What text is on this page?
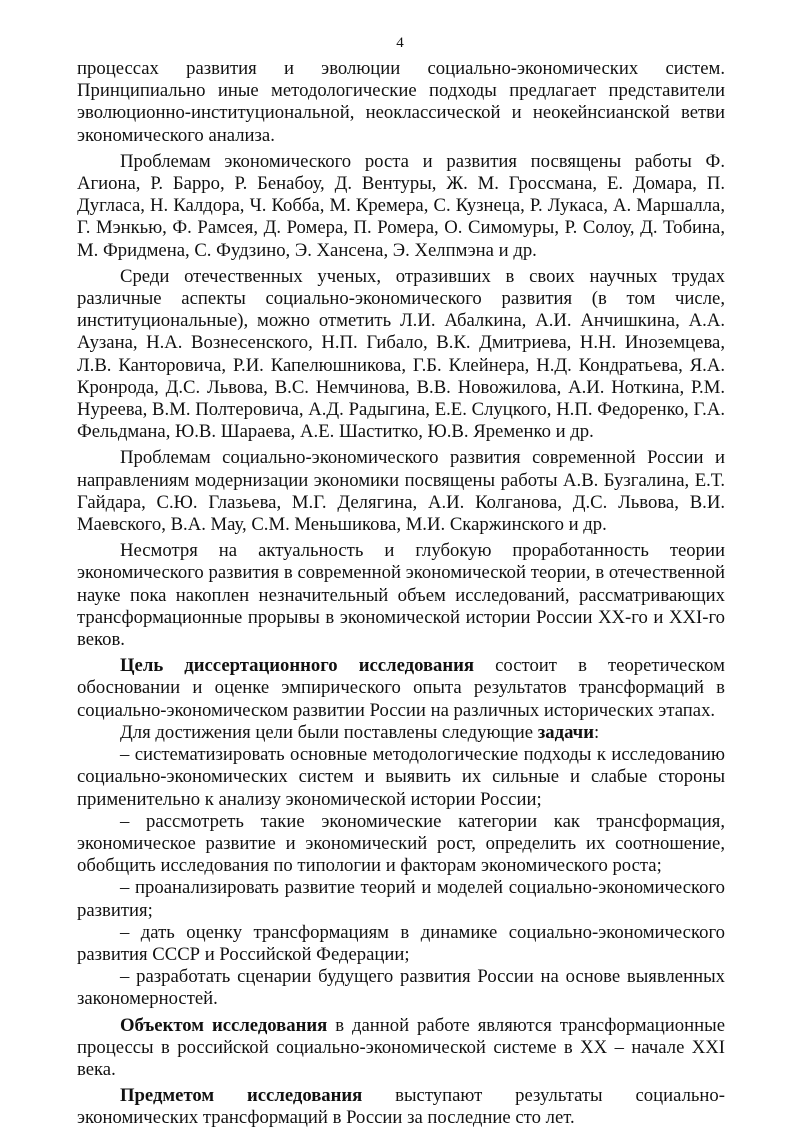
4

процессах развития и эволюции социально-экономических систем. Принципиально иные методологические подходы предлагает представители эволюционно-институциональной, неоклассической и неокейнсианской ветви экономического анализа.

Проблемам экономического роста и развития посвящены работы Ф. Агиона, Р. Барро, Р. Бенабоу, Д. Вентуры, Ж. М. Гроссмана, Е. Домара, П. Дугласа, Н. Калдора, Ч. Кобба, М. Кремера, С. Кузнеца, Р. Лукаса, А. Маршалла, Г. Мэнкью, Ф. Рамсея, Д. Ромера, П. Ромера, О. Симомуры, Р. Солоу, Д. Тобина, М. Фридмена, С. Фудзино, Э. Хансена, Э. Хелпмэна и др.

Среди отечественных ученых, отразивших в своих научных трудах различные аспекты социально-экономического развития (в том числе, институциональные), можно отметить Л.И. Абалкина, А.И. Анчишкина, А.А. Аузана, Н.А. Вознесенского, Н.П. Гибало, В.К. Дмитриева, Н.Н. Иноземцева, Л.В. Канторовича, Р.И. Капелюшникова, Г.Б. Клейнера, Н.Д. Кондратьева, Я.А. Кронрода, Д.С. Львова, В.С. Немчинова, В.В. Новожилова, А.И. Ноткина, Р.М. Нуреева, В.М. Полтеровича, А.Д. Радыгина, Е.Е. Слуцкого, Н.П. Федоренко, Г.А. Фельдмана, Ю.В. Шараева, А.Е. Шаститко, Ю.В. Яременко и др.

Проблемам социально-экономического развития современной России и направлениям модернизации экономики посвящены работы А.В. Бузгалина, Е.Т. Гайдара, С.Ю. Глазьева, М.Г. Делягина, А.И. Колганова, Д.С. Львова, В.И. Маевского, В.А. Мау, С.М. Меньшикова, М.И. Скаржинского и др.

Несмотря на актуальность и глубокую проработанность теории экономического развития в современной экономической теории, в отечественной науке пока накоплен незначительный объем исследований, рассматривающих трансформационные прорывы в экономической истории России XX-го и XXI-го веков.

Цель диссертационного исследования состоит в теоретическом обосновании и оценке эмпирического опыта результатов трансформаций в социально-экономическом развитии России на различных исторических этапах.

Для достижения цели были поставлены следующие задачи:

– систематизировать основные методологические подходы к исследованию социально-экономических систем и выявить их сильные и слабые стороны применительно к анализу экономической истории России;

– рассмотреть такие экономические категории как трансформация, экономическое развитие и экономический рост, определить их соотношение, обобщить исследования по типологии и факторам экономического роста;

– проанализировать развитие теорий и моделей социально-экономического развития;

– дать оценку трансформациям в динамике социально-экономического развития СССР и Российской Федерации;

– разработать сценарии будущего развития России на основе выявленных закономерностей.

Объектом исследования в данной работе являются трансформационные процессы в российской социально-экономической системе в XX – начале XXI века.

Предметом исследования выступают результаты социально-экономических трансформаций в России за последние сто лет.
